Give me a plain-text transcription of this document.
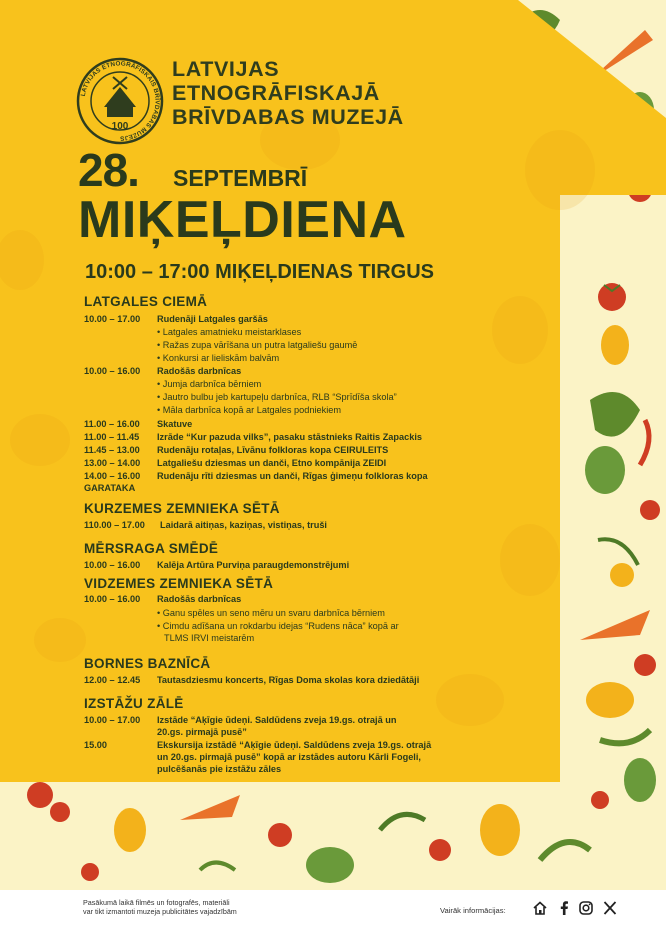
100
LATVIJAS ETNOGRĀFISKAIS BRĪVDABAS MUZEJS
LATVIJAS
ETNOGRĀFISKAJĀ
BRĪVDABAS MUZEJĀ
28. SEPTEMBRĪ
MIĶEĻDIENA
10:00 – 17:00 MIĶEĻDIENAS TIRGUS
LATGALES CIEMĀ
10.00 – 17.00 Rudenāji Latgales garšās
• Latgales amatnieku meistarklases
• Ražas zupa vārīšana un putra latgaliešu gaumē
• Konkursi ar lieliskām balvām
10.00 – 16.00 Radošās darbnīcas
• Jumja darbnīca bērniem
• Jautro bulbu jeb kartupeļu darbnīca, RLB “Sprīdīša skola”
• Māla darbnīca kopā ar Latgales podniekiem
11.00 – 16.00 Skatuve
11.00 – 11.45 Izrāde “Kur pazuda vilks”, pasaku stāstnieks Raitis Zapackis
11.45 – 13.00 Rudenāju rotaļas, Līvānu folkloras kopa CEIRULEITS
13.00 – 14.00 Latgaliešu dziesmas un danči, Etno kompānija ZEIDI
14.00 – 16.00 Rudenāju rīti dziesmas un danči, Rīgas ģimeņu folkloras kopa
GARATAKA
KURZEMES ZEMNIEKA SĒTĀ
110.00 – 17.00 Laidarā aitiņas, kaziņas, vistiņas, truši
MĒRSRAGA SMĒDĒ
10.00 – 16.00 Kalēja Artūra Purviņa paraugdemonstrējumi
VIDZEMES ZEMNIEKA SĒTĀ
10.00 – 16.00 Radošās darbnīcas
• Ganu spēles un seno mēru un svaru darbnīca bērniem
• Cimdu adīšana un rokdarbu idejas “Rudens nāca” kopā ar
TLMS IRVI meistarēm
BORNES BAZNĪCĀ
12.00 – 12.45 Tautasdziesmu koncerts, Rīgas Doma skolas kora dziedātāji
IZSTĀŽU ZĀLĒ
10.00 – 17.00 Izstāde “Aķīgie ūdeņi. Saldūdens zveja 19.gs. otrajā un
20.gs. pirmajā pusē”
15.00	Ekskursija izstādē “Aķīgie ūdeņi. Saldūdens zveja 19.gs. otrajā
un 20.gs. pirmajā pusē” kopā ar izstādes autoru Kārli Fogeli,
pulcēšanās pie izstāžu zāles
Pasākumā laikā filmēs un fotografēs, materiāli
var tikt izmantoti muzeja publicitātes vajadzībām	Vairāk informācijas:
